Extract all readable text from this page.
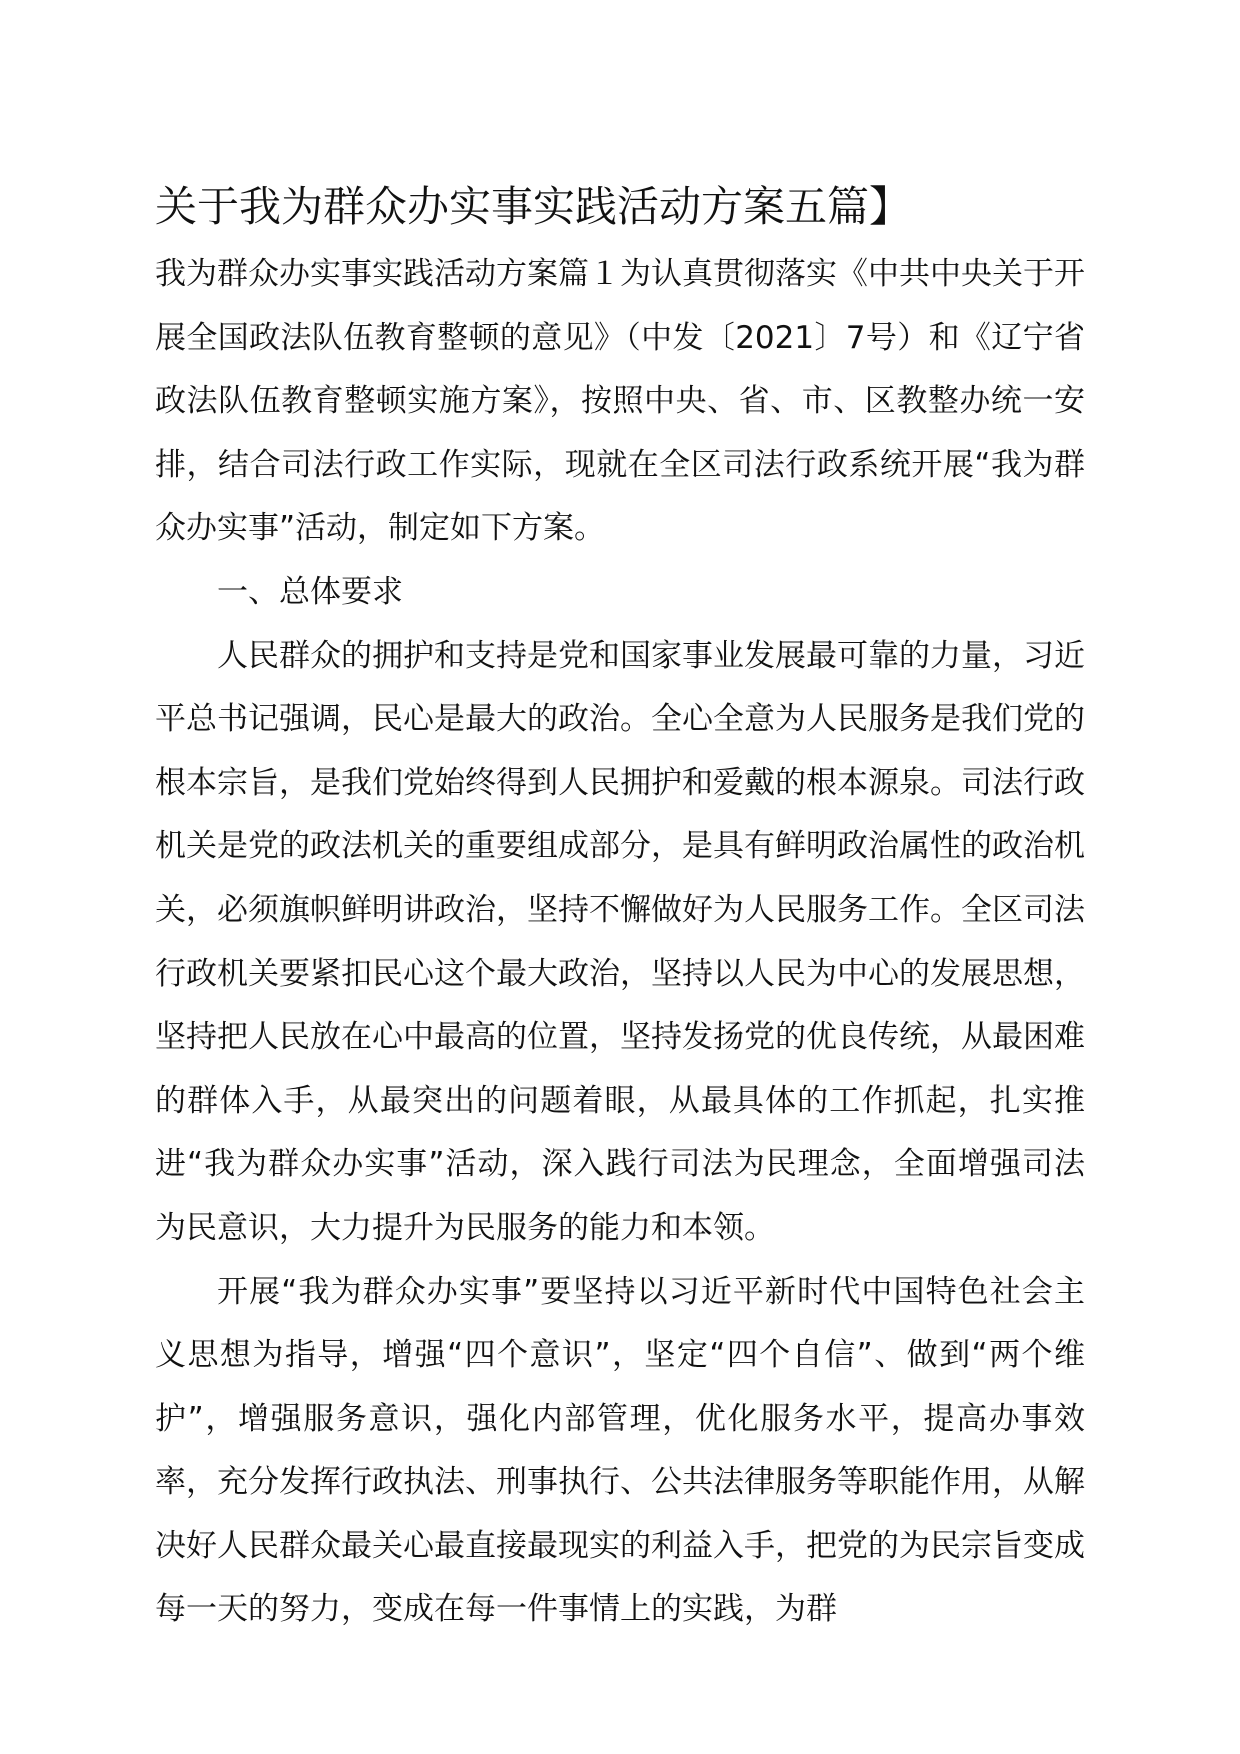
关于我为群众办实事实践活动方案五篇】

我为群众办实事实践活动方案篇１为认真贯彻落实《中共中央关于开展全国政法队伍教育整顿的意见》（中发〔2021〕7号）和《辽宁省政法队伍教育整顿实施方案》，按照中央、省、市、区教整办统一安排，结合司法行政工作实际，现就在全区司法行政系统开展“我为群众办实事”活动，制定如下方案。

一、总体要求

人民群众的拥护和支持是党和国家事业发展最可靠的力量，习近平总书记强调，民心是最大的政治。全心全意为人民服务是我们党的根本宗旨，是我们党始终得到人民拥护和爱戴的根本源泉。司法行政机关是党的政法机关的重要组成部分，是具有鲜明政治属性的政治机关，必须旗帜鲜明讲政治，坚持不懈做好为人民服务工作。全区司法行政机关要紧扣民心这个最大政治，坚持以人民为中心的发展思想，坚持把人民放在心中最高的位置，坚持发扬党的优良传统，从最困难的群体入手，从最突出的问题着眼，从最具体的工作抓起，扎实推进“我为群众办实事”活动，深入践行司法为民理念，全面增强司法为民意识，大力提升为民服务的能力和本领。

开展“我为群众办实事”要坚持以习近平新时代中国特色社会主义思想为指导，增强“四个意识”，坚定“四个自信”、做到“两个维护”，增强服务意识，强化内部管理，优化服务水平，提高办事效率，充分发挥行政执法、刑事执行、公共法律服务等职能作用，从解决好人民群众最关心最直接最现实的利益入手，把党的为民宗旨变成每一天的努力，变成在每一件事情上的实践，为群
